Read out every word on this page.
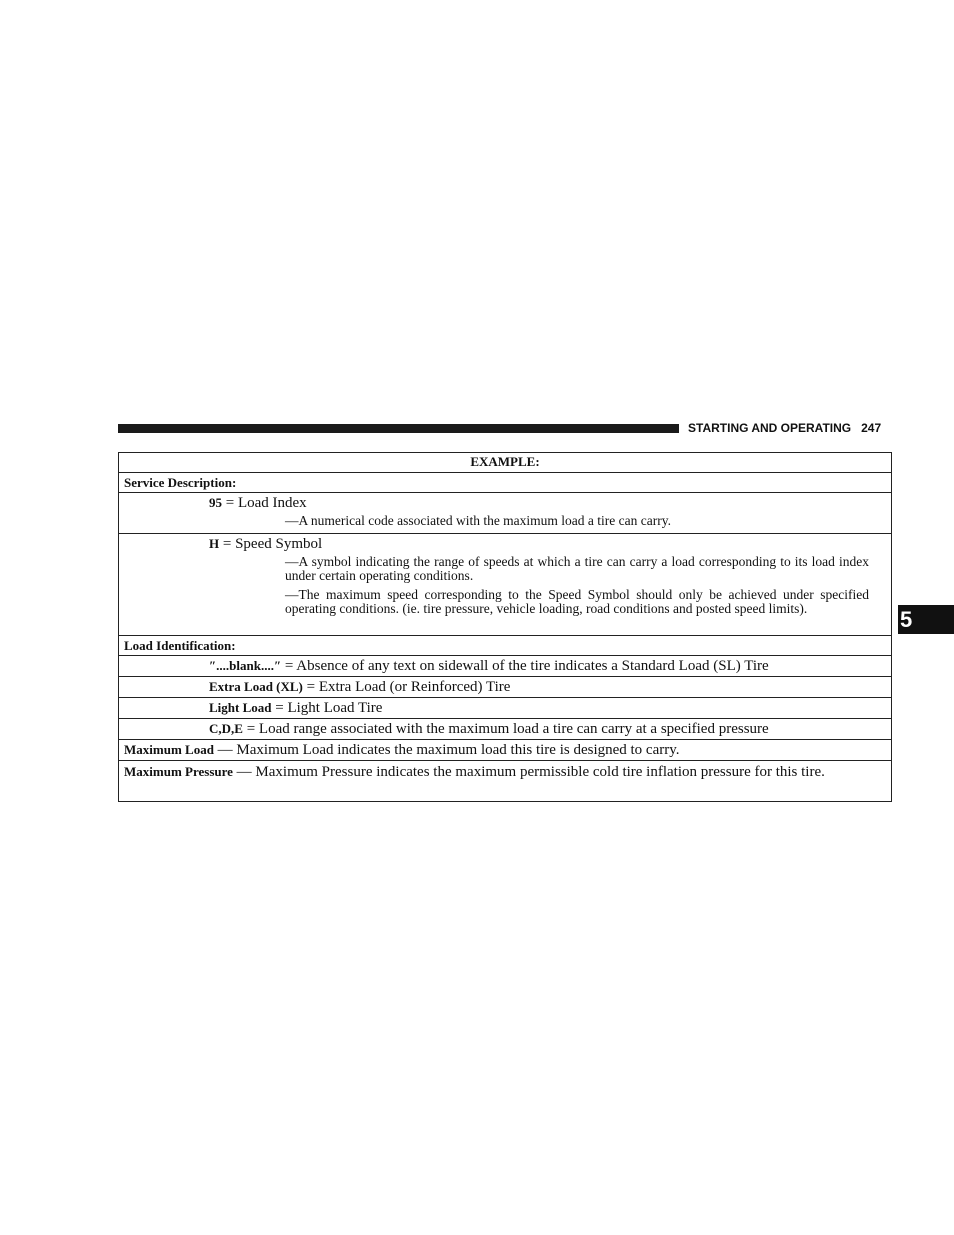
STARTING AND OPERATING 247
5
EXAMPLE:
Service Description:
95 = Load Index
—A numerical code associated with the maximum load a tire can carry.
H = Speed Symbol
—A symbol indicating the range of speeds at which a tire can carry a load corresponding to its load index under certain operating conditions.
—The maximum speed corresponding to the Speed Symbol should only be achieved under specified operating conditions. (ie. tire pressure, vehicle loading, road conditions and posted speed limits).
Load Identification:
″....blank....″ = Absence of any text on sidewall of the tire indicates a Standard Load (SL) Tire
Extra Load (XL) = Extra Load (or Reinforced) Tire
Light Load = Light Load Tire
C,D,E = Load range associated with the maximum load a tire can carry at a specified pressure
Maximum Load — Maximum Load indicates the maximum load this tire is designed to carry.
Maximum Pressure — Maximum Pressure indicates the maximum permissible cold tire inflation pressure for this tire.
